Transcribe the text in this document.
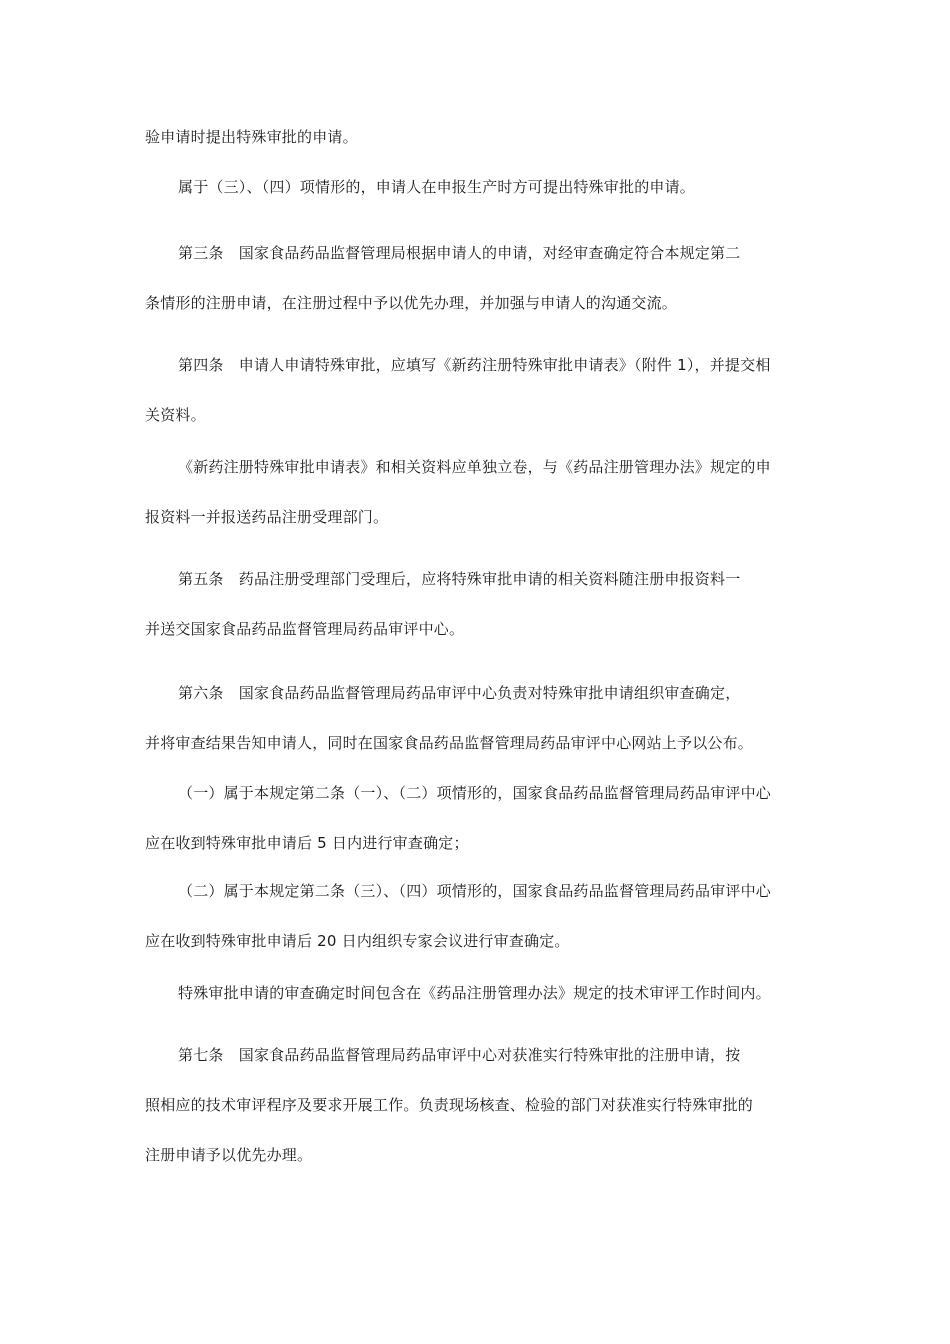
验申请时提出特殊审批的申请。
属于（三）、（四）项情形的，申请人在申报生产时方可提出特殊审批的申请。
第三条　国家食品药品监督管理局根据申请人的申请，对经审查确定符合本规定第二
条情形的注册申请，在注册过程中予以优先办理，并加强与申请人的沟通交流。
第四条　申请人申请特殊审批，应填写《新药注册特殊审批申请表》（附件 1），并提交相
关资料。
《新药注册特殊审批申请表》和相关资料应单独立卷，与《药品注册管理办法》规定的申
报资料一并报送药品注册受理部门。
第五条　药品注册受理部门受理后，应将特殊审批申请的相关资料随注册申报资料一
并送交国家食品药品监督管理局药品审评中心。
第六条　国家食品药品监督管理局药品审评中心负责对特殊审批申请组织审查确定，
并将审查结果告知申请人，同时在国家食品药品监督管理局药品审评中心网站上予以公布。
（一）属于本规定第二条（一）、（二）项情形的，国家食品药品监督管理局药品审评中心
应在收到特殊审批申请后 5 日内进行审查确定；
（二）属于本规定第二条（三）、（四）项情形的，国家食品药品监督管理局药品审评中心
应在收到特殊审批申请后 20 日内组织专家会议进行审查确定。
特殊审批申请的审查确定时间包含在《药品注册管理办法》规定的技术审评工作时间内。
第七条　国家食品药品监督管理局药品审评中心对获准实行特殊审批的注册申请，按
照相应的技术审评程序及要求开展工作。负责现场核查、检验的部门对获准实行特殊审批的
注册申请予以优先办理。
